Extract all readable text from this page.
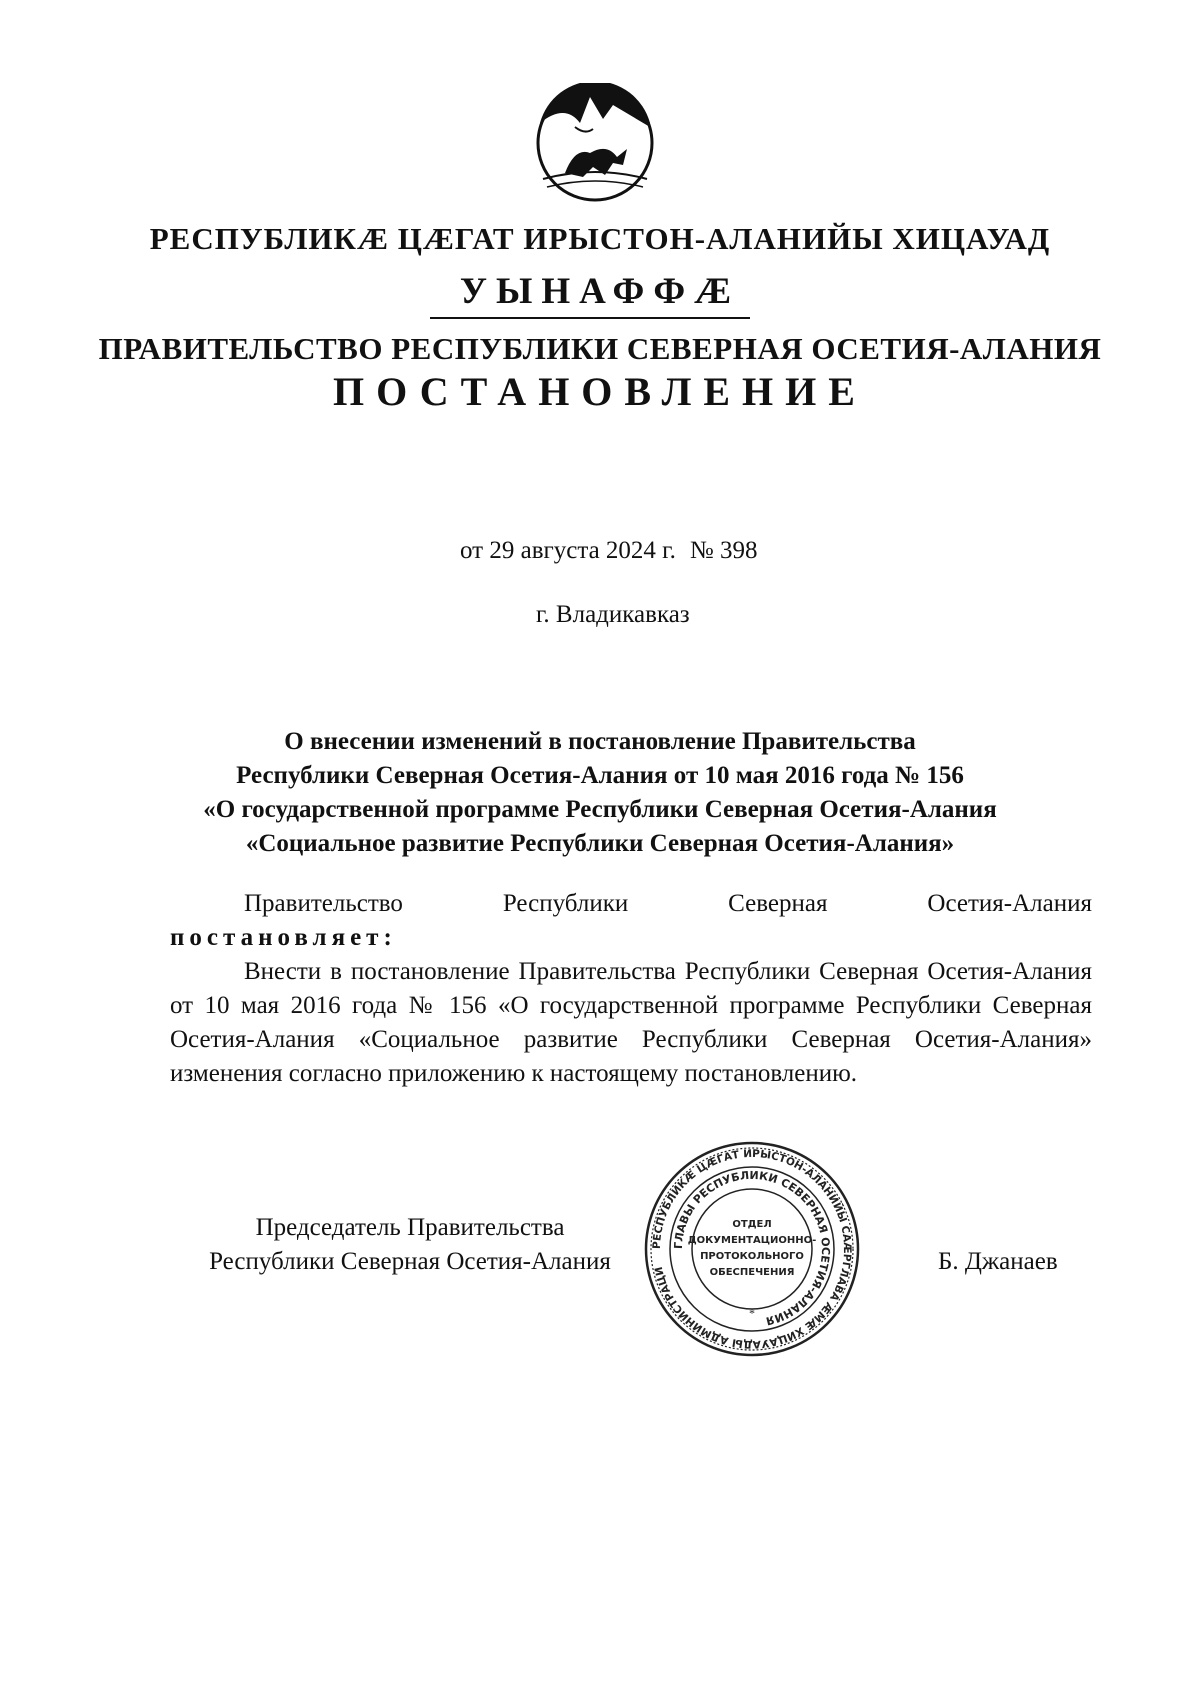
РЕСПУБЛИКÆ ЦÆГАТ ИРЫСТОН-АЛАНИЙЫ ХИЦАУАД
УЫНАФФÆ
ПРАВИТЕЛЬСТВО РЕСПУБЛИКИ СЕВЕРНАЯ ОСЕТИЯ-АЛАНИЯ
ПОСТАНОВЛЕНИЕ
от 29 августа 2024 г. № 398
г. Владикавказ
О внесении изменений в постановление Правительства
Республики Северная Осетия-Алания от 10 мая 2016 года № 156
«О государственной программе Республики Северная Осетия-Алания
«Социальное развитие Республики Северная Осетия-Алания»
Правительство	Республики	Северная	Осетия-Алания
постановляет:

Внести в постановление Правительства Республики Северная Осетия-Алания от 10 мая 2016 года № 156 «О государственной программе Республики Северная Осетия-Алания «Социальное развитие Республики Северная Осетия-Алания» изменения согласно приложению к настоящему постановлению.

Председатель Правительства
Республики Северная Осетия-Алания	Б. Джанаев
РЕСПУБЛИКÆ ЦÆГАТ ИРЫСТОН-АЛАНИЙЫ САÆРГЛАВА ÆМÆ ХИЦАУАДЫ АДМИНИСТРАЦИ
ГЛАВЫ РЕСПУБЛИКИ СЕВЕРНАЯ ОСЕТИЯ-АЛАНИЯ
ОТДЕЛ
ДОКУМЕНТАЦИОННО-
ПРОТОКОЛЬНОГО
ОБЕСПЕЧЕНИЯ
*
